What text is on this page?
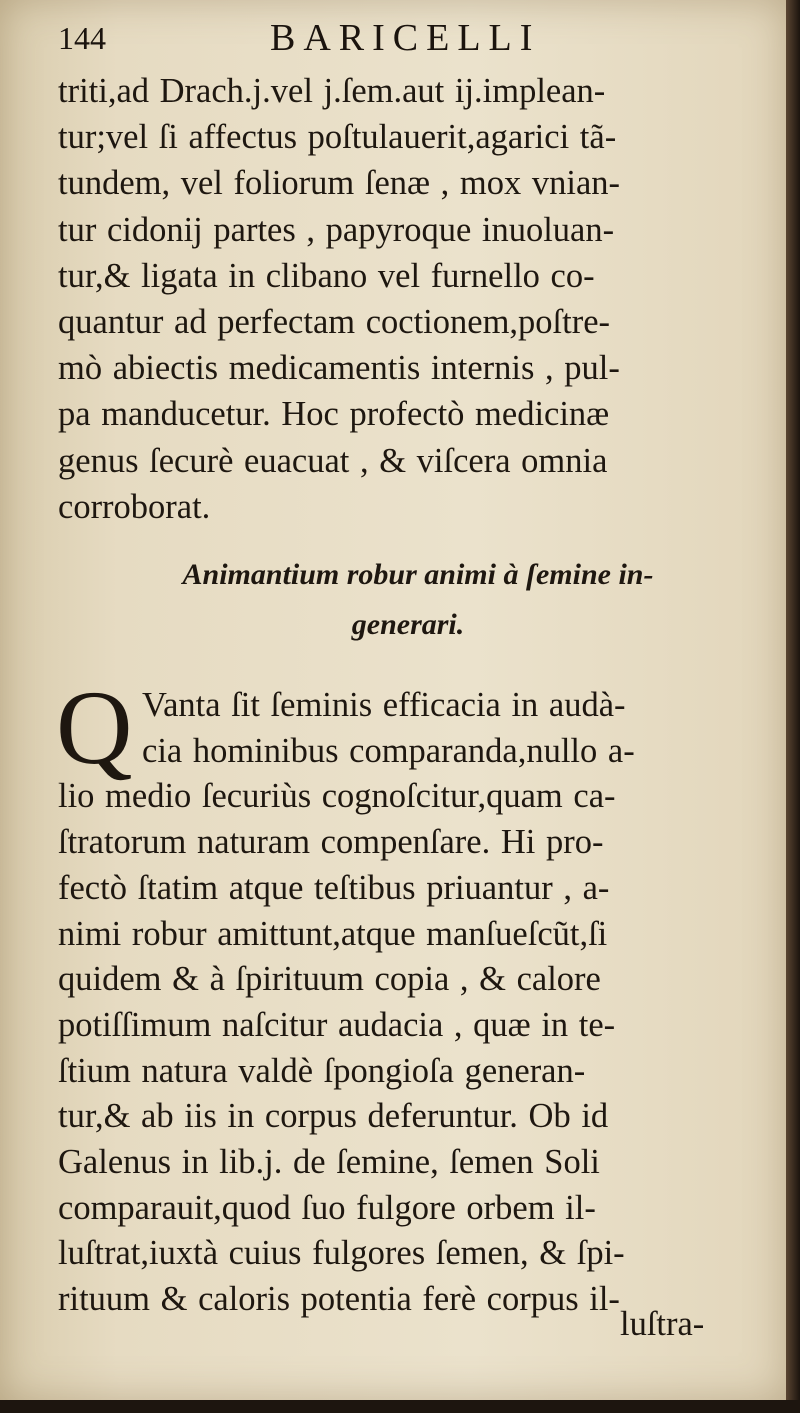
144	BARICELLI
triti,ad Drach.j.vel j.ſem.aut ij.implean-
tur;vel ſi affectus poſtulauerit,agarici tã-
tundem, vel foliorum ſenæ , mox vnian-
tur cidonij partes , papyroque inuoluan-
tur,& ligata in clibano vel furnello co-
quantur ad perfectam coctionem,poſtre-
mò abiectis medicamentis internis , pul-
pa manducetur. Hoc profectò medicinæ
genus ſecurè euacuat , & viſcera omnia
corroborat.
Animantium robur animi à ſemine in-
generari.
Q Vanta ſit ſeminis efficacia in audà-
cia hominibus comparanda,nullo a-
lio medio ſecuriùs cognoſcitur,quam ca-
ſtratorum naturam compenſare. Hi pro-
fectò ſtatim atque teſtibus priuantur , a-
nimi robur amittunt,atque manſueſcũt,ſi
quidem & à ſpirituum copia , & calore
potiſſimum naſcitur audacia , quæ in te-
ſtium natura valdè ſpongioſa generan-
tur,& ab iis in corpus deferuntur. Ob id
Galenus in lib.j. de ſemine, ſemen Soli
comparauit,quod ſuo fulgore orbem il-
luſtrat,iuxtà cuius fulgores ſemen, & ſpi-
rituum & caloris potentia ferè corpus il-
luſtra-
